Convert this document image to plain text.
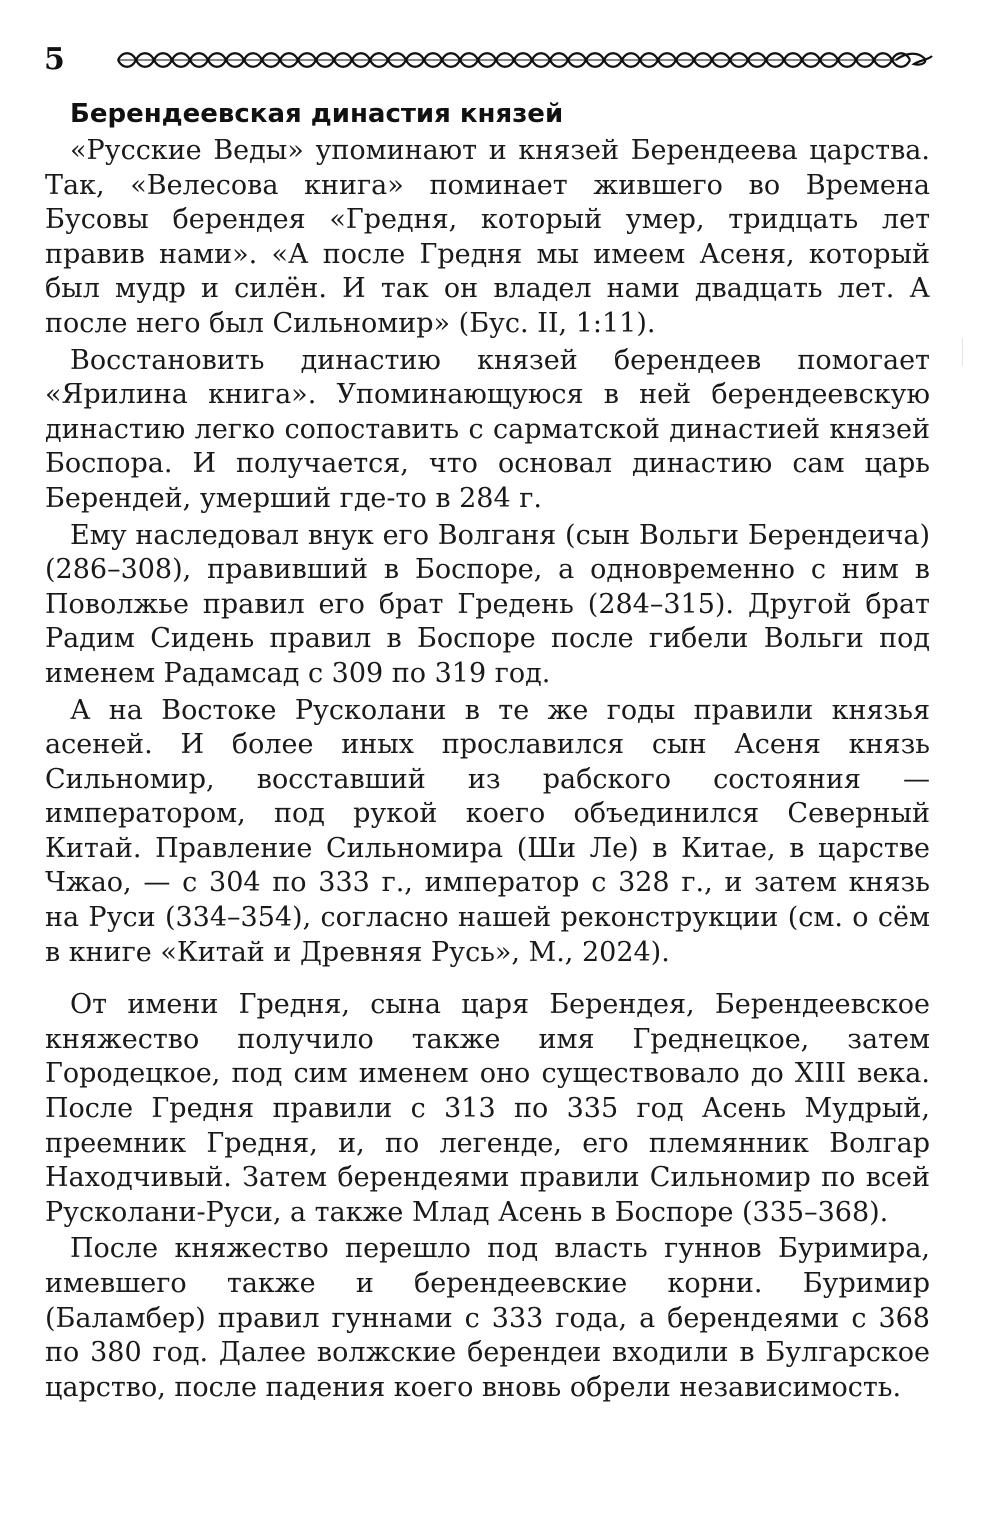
5
Берендеевская династия князей

«Русские Веды» упоминают и князей Берендеева царства. Так, «Велесова книга» поминает жившего во Времена Бусовы берендея «Гредня, который умер, тридцать лет правив нами». «А после Гредня мы имеем Асеня, который был мудр и силён. И так он владел нами двадцать лет. А после него был Сильномир» (Бус. II, 1:11).

Восстановить династию князей берендеев помогает «Ярилина книга». Упоминающуюся в ней берендеевскую династию легко сопоставить с сарматской династией князей Боспора. И получается, что основал династию сам царь Берендей, умерший где-то в 284 г.

Ему наследовал внук его Волганя (сын Вольги Берендеича) (286–308), правивший в Боспоре, а одновременно с ним в Поволжье правил его брат Гредень (284–315). Другой брат Радим Сидень правил в Боспоре после гибели Вольги под именем Радамсад с 309 по 319 год.

А на Востоке Русколани в те же годы правили князья асеней. И более иных прославился сын Асеня князь Сильномир, восставший из рабского состояния — императором, под рукой коего объединился Северный Китай. Правление Сильномира (Ши Ле) в Китае, в царстве Чжао, — с 304 по 333 г., император с 328 г., и затем князь на Руси (334–354), согласно нашей реконструкции (см. о сём в книге «Китай и Древняя Русь», М., 2024).

От имени Гредня, сына царя Берендея, Берендеевское княжество получило также имя Греднецкое, затем Городецкое, под сим именем оно существовало до XIII века. После Гредня правили с 313 по 335 год Асень Мудрый, преемник Гредня, и, по легенде, его племянник Волгар Находчивый. Затем берендеями правили Сильномир по всей Русколани-Руси, а также Млад Асень в Боспоре (335–368).

После княжество перешло под власть гуннов Буримира, имевшего также и берендеевские корни. Буримир (Баламбер) правил гуннами с 333 года, а берендеями с 368 по 380 год. Далее волжские берендеи входили в Булгарское царство, после падения коего вновь обрели независимость.
